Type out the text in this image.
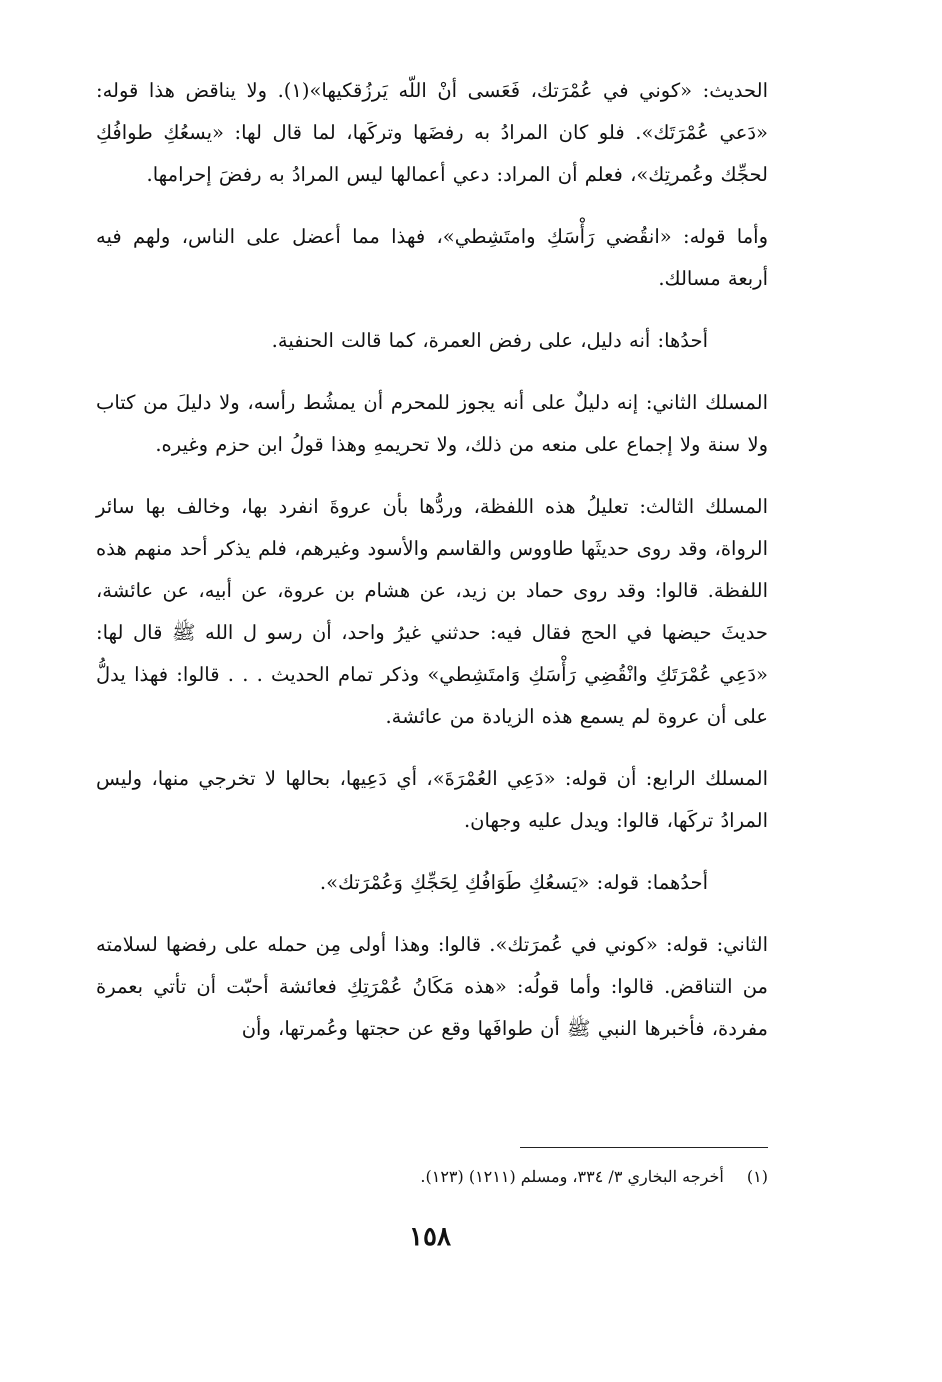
الحديث: «كوني في عُمْرَتك، فَعَسى أنْ اللّه يَرزُقكيها»(١). ولا يناقض هذا قوله: «دَعي عُمْرَتَك». فلو كان المرادُ به رفضَها وتركَها، لما قال لها: «يسعُكِ طوافُكِ لحجِّك وعُمرتِك»، فعلم أن المراد: دعي أعمالها ليس المرادُ به رفضَ إحرامها.

وأما قوله: «انقُضي رَأْسَكِ وامتَشِطي»، فهذا مما أعضل على الناس، ولهم فيه أربعة مسالك.

أحدُها: أنه دليل، على رفض العمرة، كما قالت الحنفية.

المسلك الثاني: إنه دليلٌ على أنه يجوز للمحرم أن يمشُط رأسه، ولا دليلَ من كتاب ولا سنة ولا إجماع على منعه من ذلك، ولا تحريمهِ وهذا قولُ ابن حزم وغيره.

المسلك الثالث: تعليلُ هذه اللفظة، وردُّها بأن عروةَ انفرد بها، وخالف بها سائر الرواة، وقد روى حديثَها طاووس والقاسم والأسود وغيرهم، فلم يذكر أحد منهم هذه اللفظة. قالوا: وقد روى حماد بن زيد، عن هشام بن عروة، عن أبيه، عن عائشة، حديثَ حيضها في الحج فقال فيه: حدثني غيرُ واحد، أن رسو ل الله ﷺ قال لها: «دَعِي عُمْرَتَكِ وانْقُضِي رَأْسَكِ وَامتَشِطي» وذكر تمام الحديث . . . قالوا: فهذا يدلُّ على أن عروة لم يسمع هذه الزيادة من عائشة.

المسلك الرابع: أن قوله: «دَعِي العُمْرَةَ»، أي دَعِيها، بحالها لا تخرجي منها، وليس المرادُ تركَها، قالوا: ويدل عليه وجهان.

أحدُهما: قوله: «يَسعُكِ طَوَافُكِ لِحَجِّكِ وَعُمْرَتك».

الثاني: قوله: «كوني في عُمرَتك». قالوا: وهذا أولى مِن حمله على رفضها لسلامته من التناقض. قالوا: وأما قولُه: «هذه مَكَانُ عُمْرَتِكِ فعائشة أحبّت أن تأتي بعمرة مفردة، فأخبرها النبي ﷺ أن طوافَها وقع عن حجتها وعُمرتها، وأن

(١) أخرجه البخاري ٣/ ٣٣٤، ومسلم (١٢١١) (١٢٣).
١٥٨
